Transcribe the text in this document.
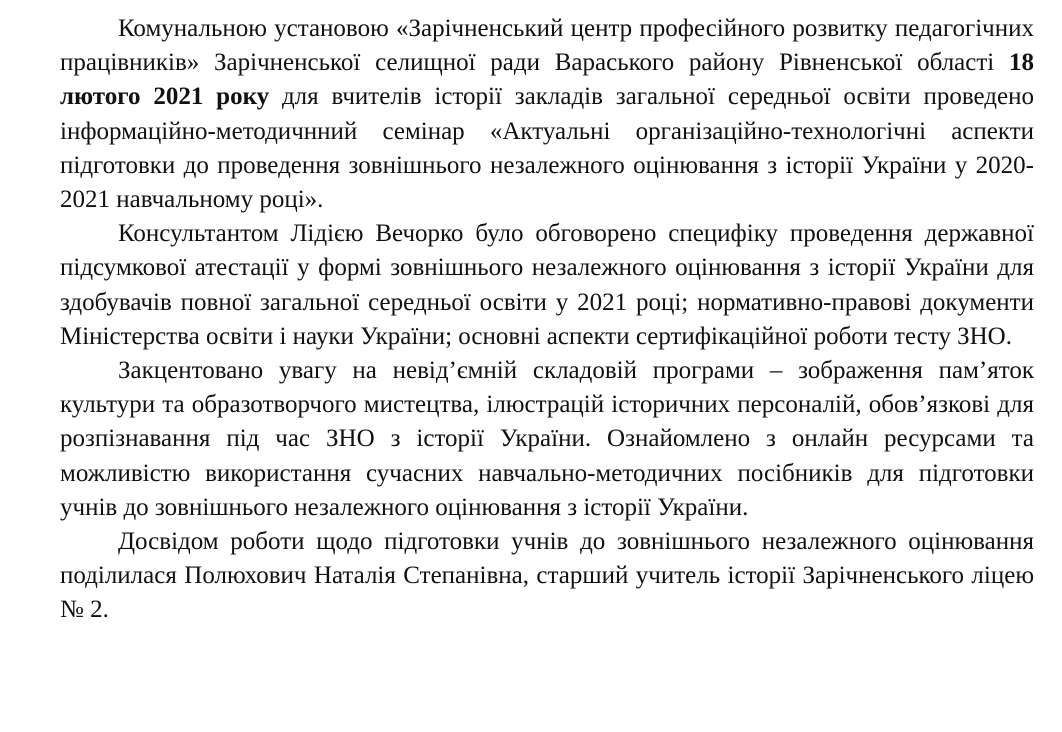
Комунальною установою «Зарічненський центр професійного розвитку педагогічних працівників» Зарічненської селищної ради Вараського району Рівненської області 18 лютого 2021 року для вчителів історії закладів загальної середньої освіти проведено інформаційно-методичнний семінар «Актуальні організаційно-технологічні аспекти підготовки до проведення зовнішнього незалежного оцінювання з історії України у 2020-2021 навчальному році».

Консультантом Лідією Вечорко було обговорено специфіку проведення державної підсумкової атестації у формі зовнішнього незалежного оцінювання з історії України для здобувачів повної загальної середньої освіти у 2021 році; нормативно-правові документи Міністерства освіти і науки України; основні аспекти сертифікаційної роботи тесту ЗНО.

Закцентовано увагу на невід’ємній складовій програми – зображення пам’яток культури та образотворчого мистецтва, ілюстрацій історичних персоналій, обов’язкові для розпізнавання під час ЗНО з історії України. Ознайомлено з онлайн ресурсами та можливістю використання сучасних навчально-методичних посібників для підготовки учнів до зовнішнього незалежного оцінювання з історії України.

Досвідом роботи щодо підготовки учнів до зовнішнього незалежного оцінювання поділилася Полюхович Наталія Степанівна, старший учитель історії Зарічненського ліцею № 2.
